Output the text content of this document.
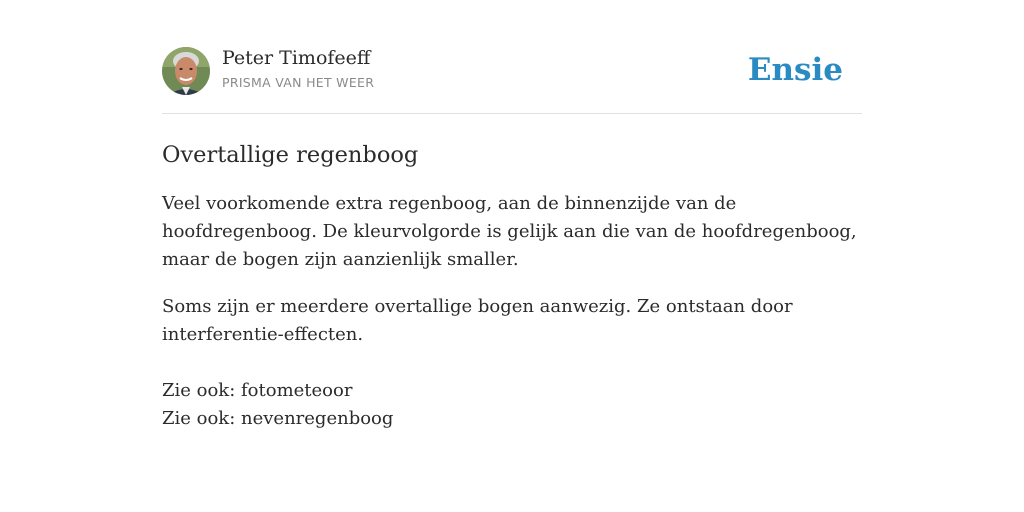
Peter Timofeeff
PRISMA VAN HET WEER	Ensie
Overtallige regenboog

Veel voorkomende extra regenboog, aan de binnenzijde van de hoofdregenboog. De kleurvolgorde is gelijk aan die van de hoofdregenboog, maar de bogen zijn aanzienlijk smaller.

Soms zijn er meerdere overtallige bogen aanwezig. Ze ontstaan door interferentie-effecten.

Zie ook: fotometeoor
Zie ook: nevenregenboog
